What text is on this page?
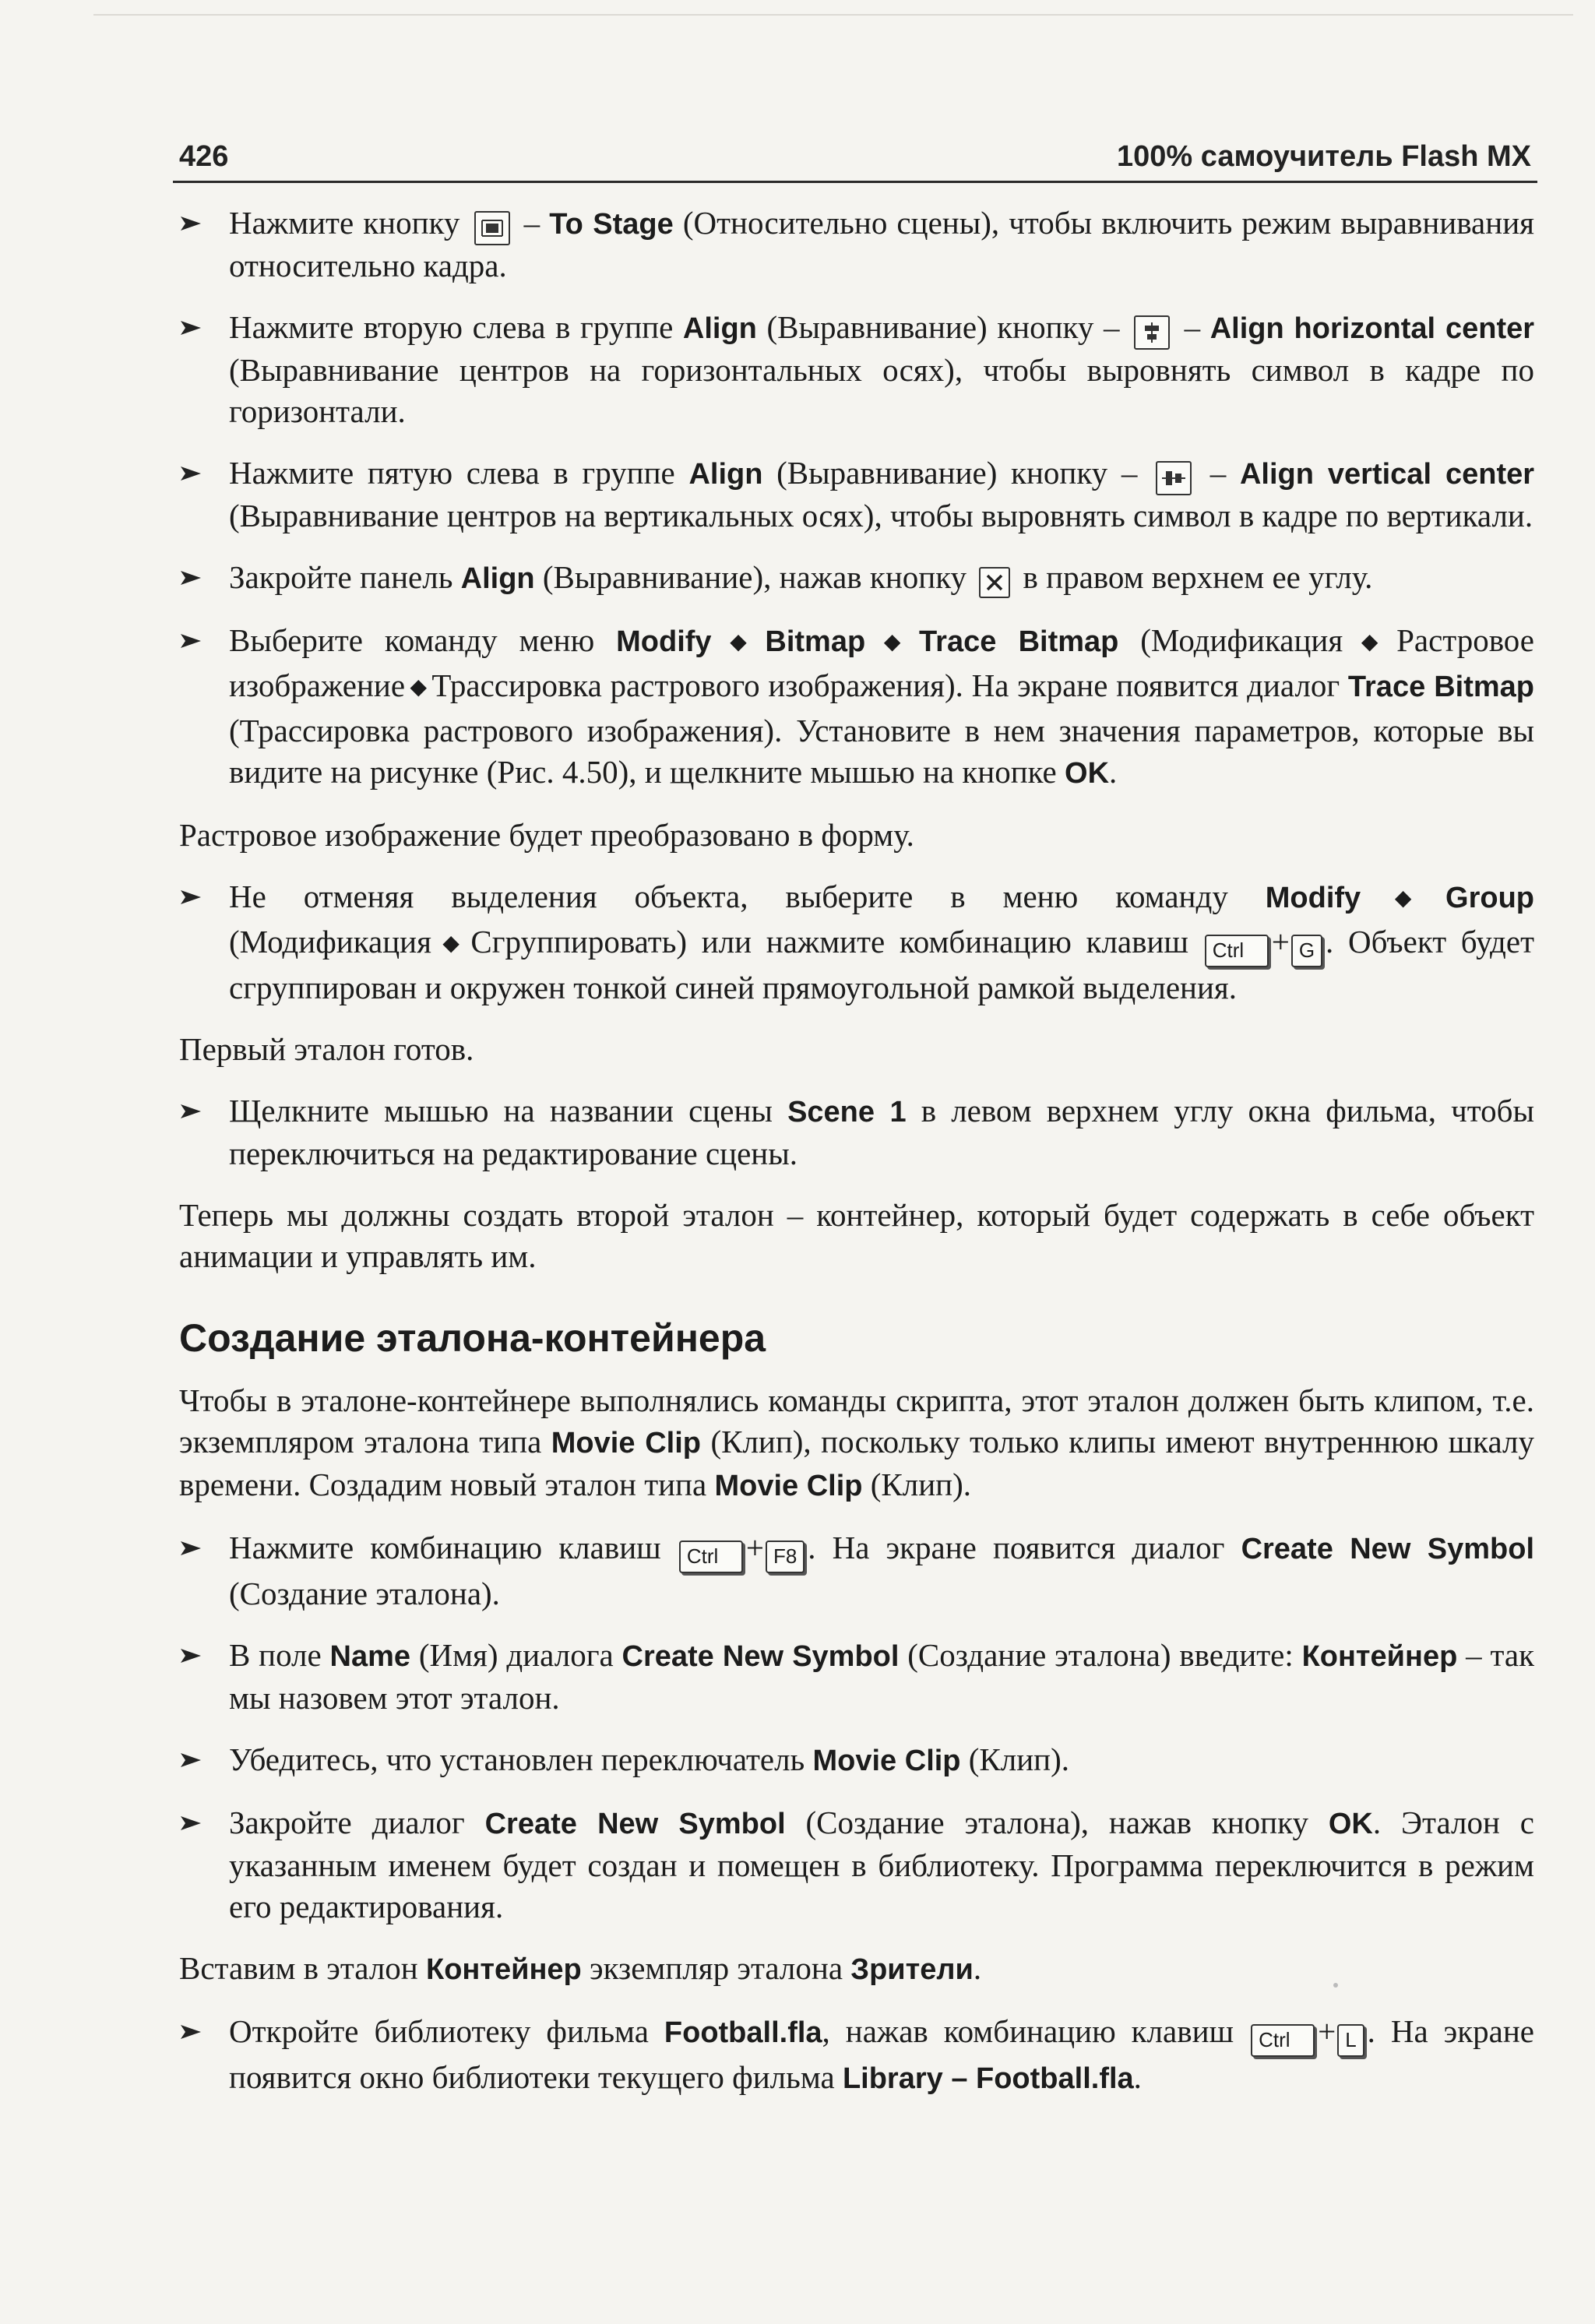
426	100% самоучитель Flash MX
Нажмите кнопку – To Stage (Относительно сцены), чтобы включить режим выравнивания относительно кадра.
Нажмите вторую слева в группе Align (Выравнивание) кнопку – – Align horizontal center (Выравнивание центров на горизонтальных осях), чтобы выровнять символ в кадре по горизонтали.
Нажмите пятую слева в группе Align (Выравнивание) кнопку – – Align vertical center (Выравнивание центров на вертикальных осях), чтобы выровнять символ в кадре по вертикали.
Закройте панель Align (Выравнивание), нажав кнопку в правом верхнем ее углу.
Выберите команду меню Modify ◆ Bitmap ◆ Trace Bitmap (Модификация ◆ Растровое изображение ◆ Трассировка растрового изображения). На экране появится диалог Trace Bitmap (Трассировка растрового изображения). Установите в нем значения параметров, которые вы видите на рисунке (Рис. 4.50), и щелкните мышью на кнопке OK.
Растровое изображение будет преобразовано в форму.
Не отменяя выделения объекта, выберите в меню команду Modify ◆ Group (Модификация ◆ Сгруппировать) или нажмите комбинацию клавиш Ctrl + G . Объект будет сгруппирован и окружен тонкой синей прямоугольной рамкой выделения.
Первый эталон готов.
Щелкните мышью на названии сцены Scene 1 в левом верхнем углу окна фильма, чтобы переключиться на редактирование сцены.
Теперь мы должны создать второй эталон – контейнер, который будет содержать в себе объект анимации и управлять им.
Создание эталона-контейнера
Чтобы в эталоне-контейнере выполнялись команды скрипта, этот эталон должен быть клипом, т.е. экземпляром эталона типа Movie Clip (Клип), поскольку только клипы имеют внутреннюю шкалу времени. Создадим новый эталон типа Movie Clip (Клип).
Нажмите комбинацию клавиш Ctrl + F8 . На экране появится диалог Create New Symbol (Создание эталона).
В поле Name (Имя) диалога Create New Symbol (Создание эталона) введите: Контейнер – так мы назовем этот эталон.
Убедитесь, что установлен переключатель Movie Clip (Клип).
Закройте диалог Create New Symbol (Создание эталона), нажав кнопку OK. Эталон с указанным именем будет создан и помещен в библиотеку. Программа переключится в режим его редактирования.
Вставим в эталон Контейнер экземпляр эталона Зрители.
Откройте библиотеку фильма Football.fla, нажав комбинацию клавиш Ctrl + L . На экране появится окно библиотеки текущего фильма Library – Football.fla.
